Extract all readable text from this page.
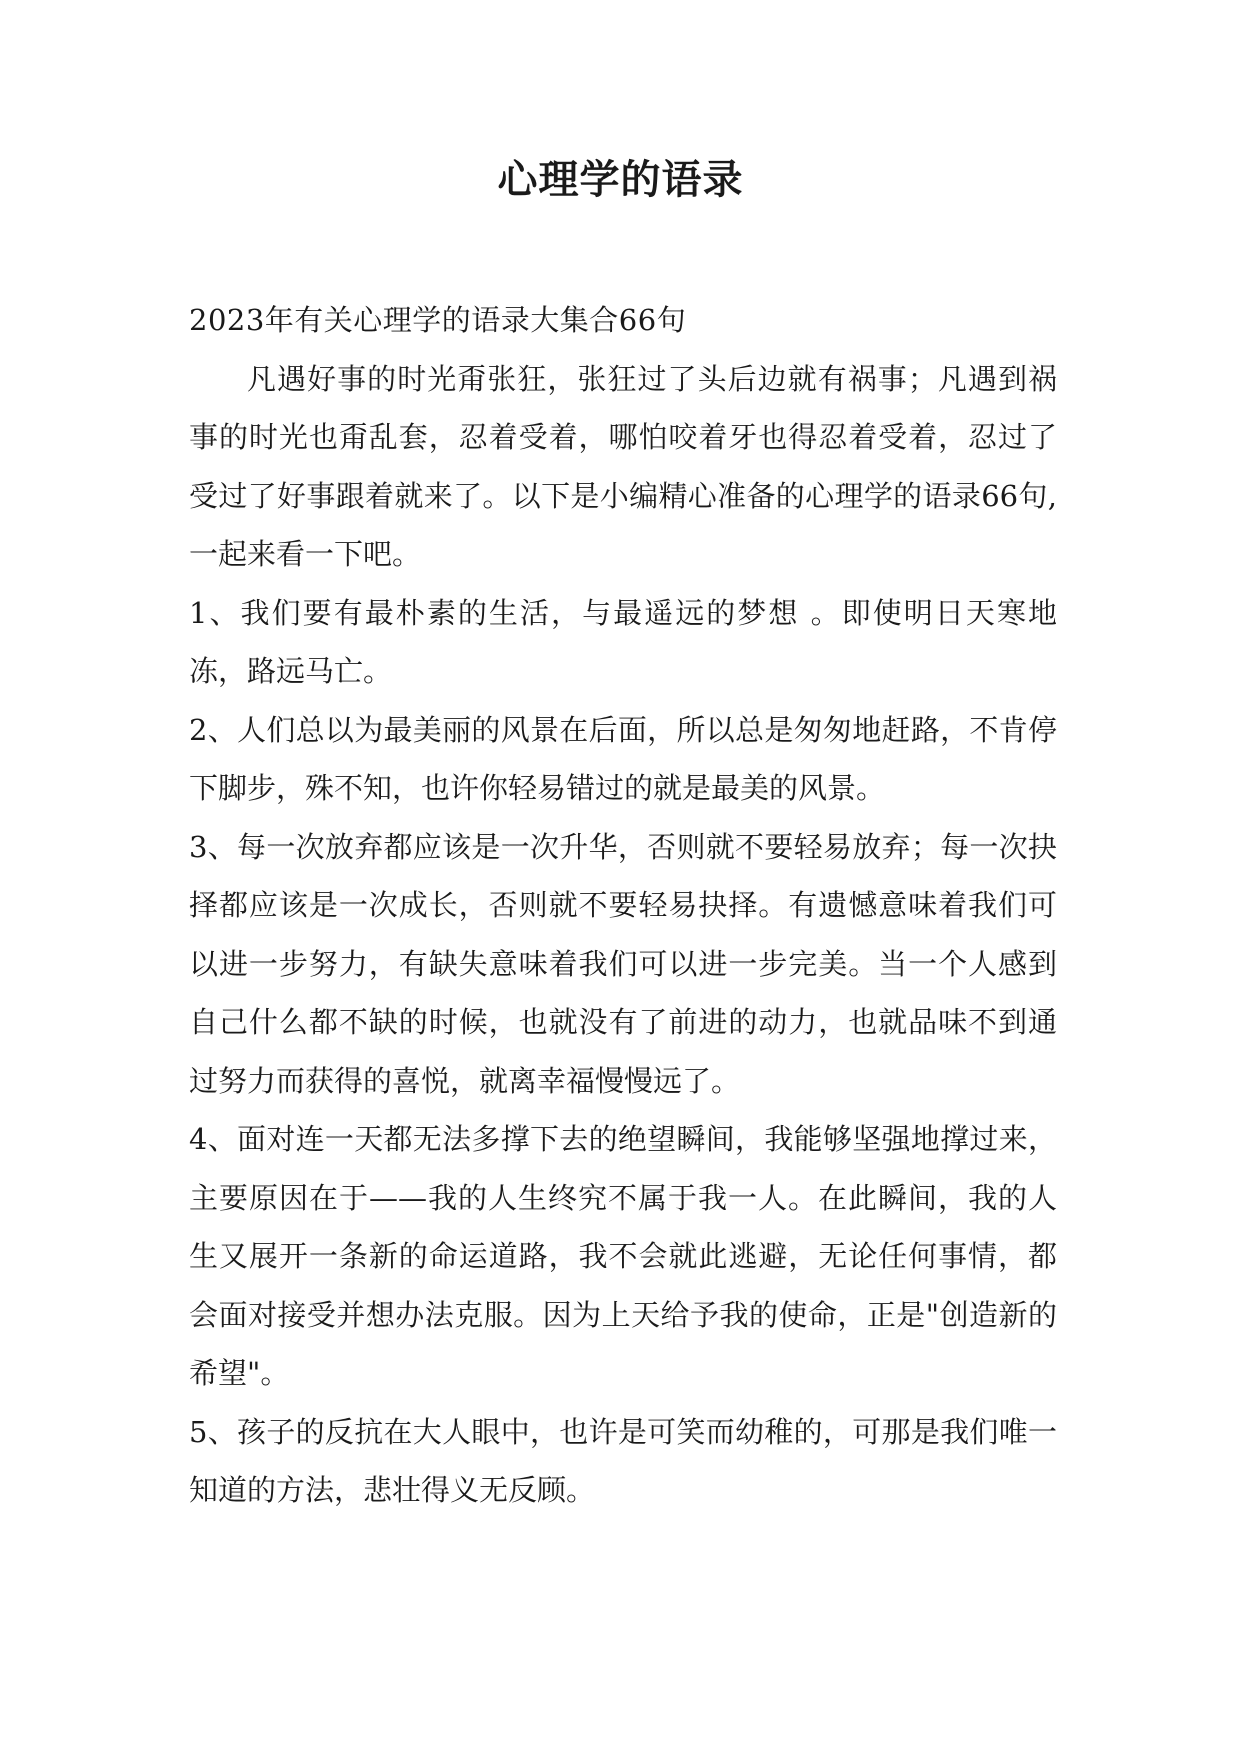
心理学的语录

2023年有关心理学的语录大集合66句

凡遇好事的时光甭张狂，张狂过了头后边就有祸事；凡遇到祸事的时光也甭乱套，忍着受着，哪怕咬着牙也得忍着受着，忍过了受过了好事跟着就来了。以下是小编精心准备的心理学的语录66句,一起来看一下吧。

1、我们要有最朴素的生活，与最遥远的梦想 。即使明日天寒地冻，路远马亡。

2、人们总以为最美丽的风景在后面，所以总是匆匆地赶路，不肯停下脚步，殊不知，也许你轻易错过的就是最美的风景。

3、每一次放弃都应该是一次升华，否则就不要轻易放弃；每一次抉择都应该是一次成长，否则就不要轻易抉择。有遗憾意味着我们可以进一步努力，有缺失意味着我们可以进一步完美。当一个人感到自己什么都不缺的时候，也就没有了前进的动力，也就品味不到通过努力而获得的喜悦，就离幸福慢慢远了。

4、面对连一天都无法多撑下去的绝望瞬间，我能够坚强地撑过来，主要原因在于——我的人生终究不属于我一人。在此瞬间，我的人生又展开一条新的命运道路，我不会就此逃避，无论任何事情，都会面对接受并想办法克服。因为上天给予我的使命，正是"创造新的希望"。

5、孩子的反抗在大人眼中，也许是可笑而幼稚的，可那是我们唯一知道的方法，悲壮得义无反顾。
